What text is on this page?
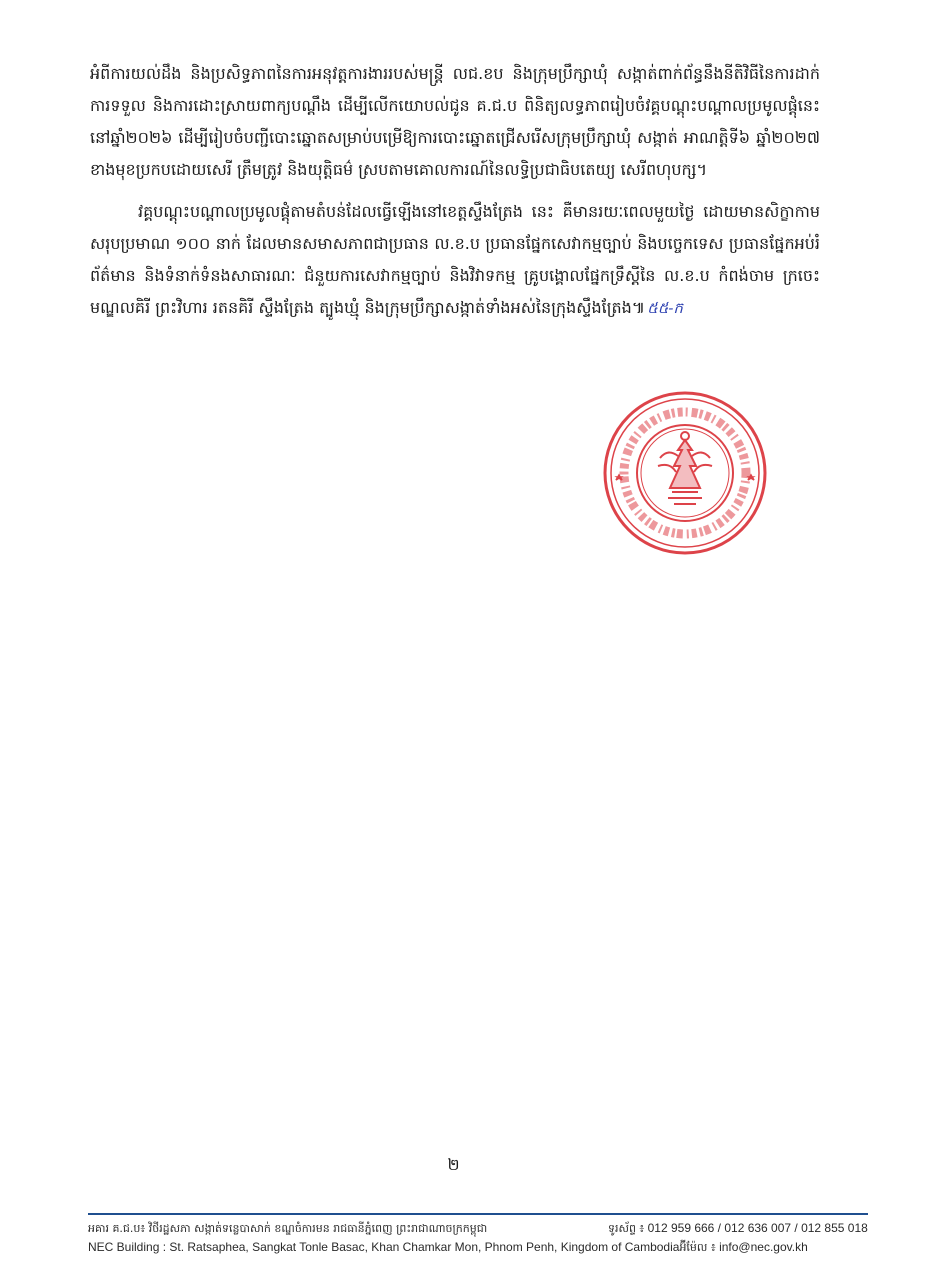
អំពីការយល់ដឹង និងប្រសិទ្ធភាពនៃការអនុវត្តការងាររបស់មន្ត្រី លជ.ខប និងក្រុមប្រឹក្សាឃុំ សង្កាត់ពាក់ព័ន្ធនឹងនីតិវិធីនៃការដាក់ ការទទួល និងការដោះស្រាយពាក្យបណ្ដឹង ដើម្បីលើកយោបល់ជូន គ.ជ.ប ពិនិត្យលទ្ធភាពរៀបចំវគ្គបណ្ដុះបណ្ដាលប្រមូលផ្ដុំនេះនៅឆ្នាំ២០២៦ ដើម្បីរៀបចំបញ្ជីបោះឆ្នោតសម្រាប់បម្រើឱ្យការបោះឆ្នោតជ្រើសរើសក្រុមប្រឹក្សាឃុំ សង្កាត់ អាណត្តិទី៦ ឆ្នាំ២០២៧ ខាងមុខប្រកបដោយសេរី ត្រឹមត្រូវ និងយុត្តិធម៌ ស្របតាមគោលការណ៍នៃលទ្ធិប្រជាធិបតេយ្យ សេរីពហុបក្ស។

វគ្គបណ្ដុះបណ្ដាលប្រមូលផ្ដុំតាមតំបន់ដែលធ្វើឡើងនៅខេត្តស្ទឹងត្រែង នេះ គឺមានរយៈពេលមួយថ្ងៃ ដោយមានសិក្ខាកាមសរុបប្រមាណ ១០០ នាក់ ដែលមានសមាសភាពជាប្រធាន ល.ខ.ប ប្រធានផ្នែកសេវាកម្មច្បាប់ និងបច្ចេកទេស ប្រធានផ្នែកអប់រំ ព័ត៌មាន និងទំនាក់ទំនងសាធារណៈ ជំនួយការសេវាកម្មច្បាប់ និងវិវាទកម្ម គ្រូបង្គោលផ្នែកទ្រឹស្ដីនៃ ល.ខ.ប កំពង់ចាម ក្រចេះ មណ្ឌលគិរី ព្រះវិហារ រតនគិរី ស្ទឹងត្រែង ត្បូងឃ្មុំ និងក្រុមប្រឹក្សាសង្កាត់ទាំងអស់នៃក្រុងស្ទឹងត្រែង៕ ៥៥-ក

២
អគារ គ.ជ.ប៖ វិថីរដ្ឋសភា សង្កាត់ទន្លេបាសាក់ ខណ្ឌចំការមន រាជធានីភ្នំពេញ ព្រះរាជាណាចក្រកម្ពុជា	ទូរស័ព្ទ ៖ 012 959 666 / 012 636 007 / 012 855 018
NEC Building : St. Ratsaphea, Sangkat Tonle Basac, Khan Chamkar Mon, Phnom Penh, Kingdom of Cambodia អ៊ីម៉ែល ៖ info@nec.gov.kh
